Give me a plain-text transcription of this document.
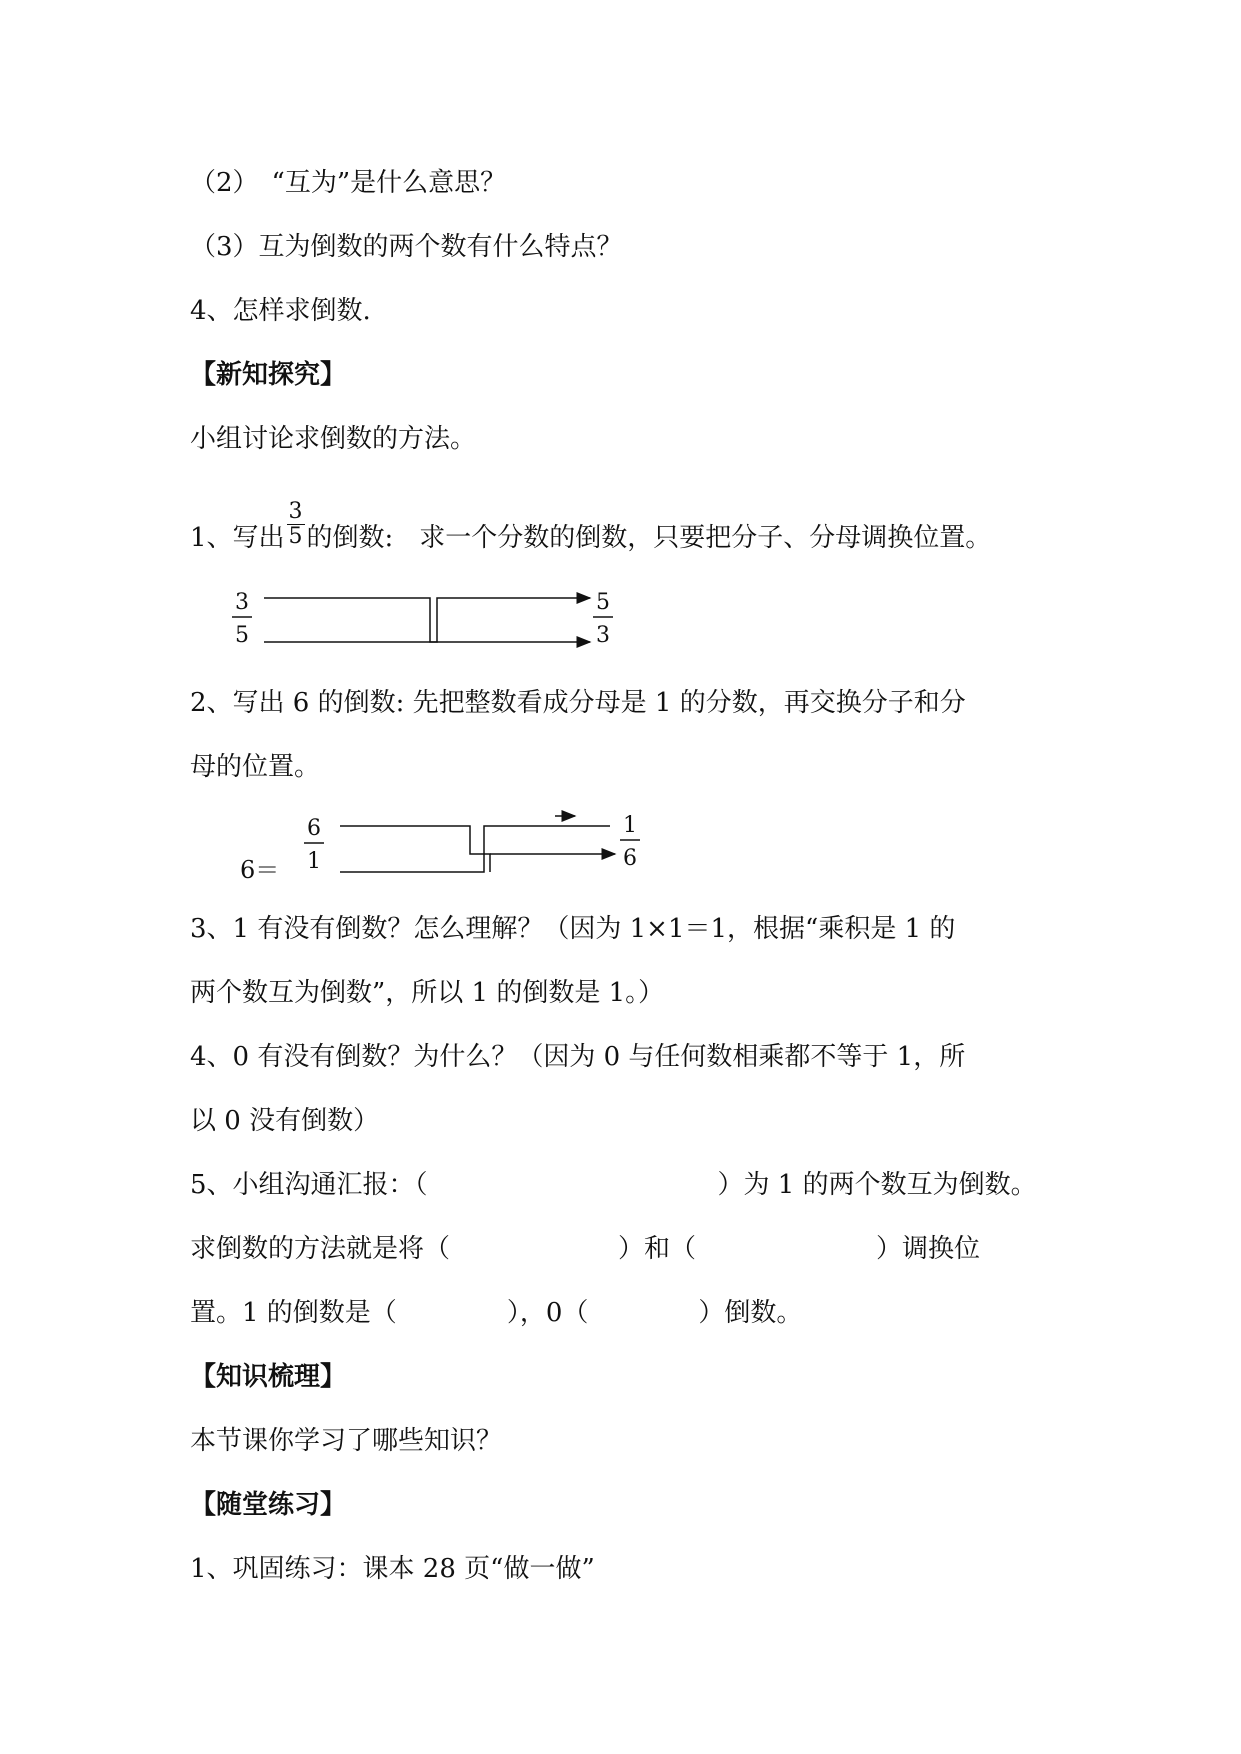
（2）　“互为”是什么意思？

（3）互为倒数的两个数有什么特点？

4、怎样求倒数.

【新知探究】

小组讨论求倒数的方法。

1、写出 $\frac{3}{5}$ 的倒数:　求一个分数的倒数，只要把分子、分母调换位置。

3
5
5
3

2、写出 6 的倒数: 先把整数看成分母是 1 的分数，再交换分子和分

母的位置。

6＝
6
1
1
6

3、1 有没有倒数？怎么理解？（因为 1×1＝1，根据“乘积是 1 的

两个数互为倒数”，所以 1 的倒数是 1。）

4、0 有没有倒数？为什么？（因为 0 与任何数相乘都不等于 1，所

以 0 没有倒数）

5、小组沟通汇报：（	）为 1 的两个数互为倒数。

求倒数的方法就是将（	）和（	）调换位

置。1 的倒数是（	），0（	）倒数。

【知识梳理】

本节课你学习了哪些知识？

【随堂练习】

1、巩固练习：课本 28 页“做一做”
